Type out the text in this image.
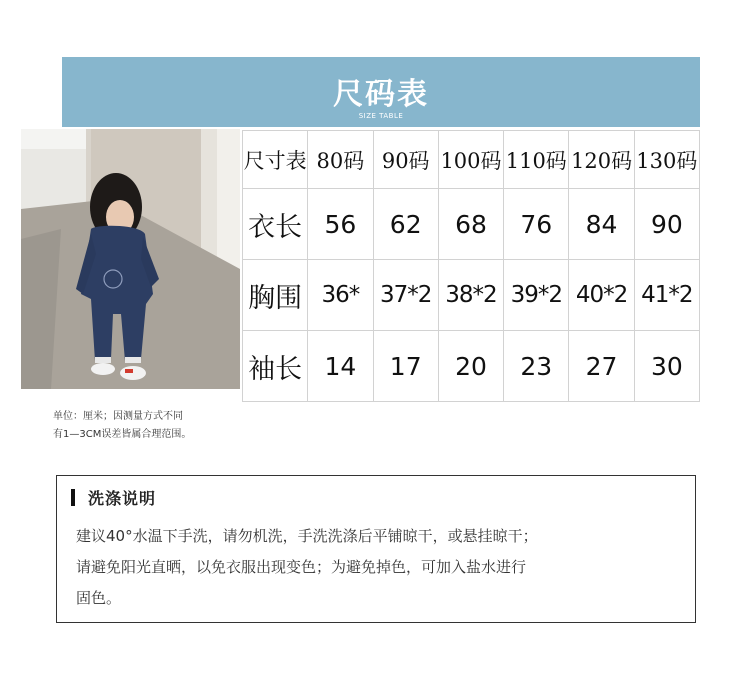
尺码表
SIZE TABLE
尺寸表	80码	90码	100码	110码	120码	130码
衣长	56	62	68	76	84	90
胸围	36*	37*2	38*2	39*2	40*2	41*2
袖长	14	17	20	23	27	30
单位：厘米；因测量方式不同
有1—3CM误差皆属合理范围。
洗涤说明
建议40°水温下手洗，请勿机洗，手洗洗涤后平铺晾干，或悬挂晾干；
请避免阳光直晒，以免衣服出现变色；为避免掉色，可加入盐水进行
固色。
